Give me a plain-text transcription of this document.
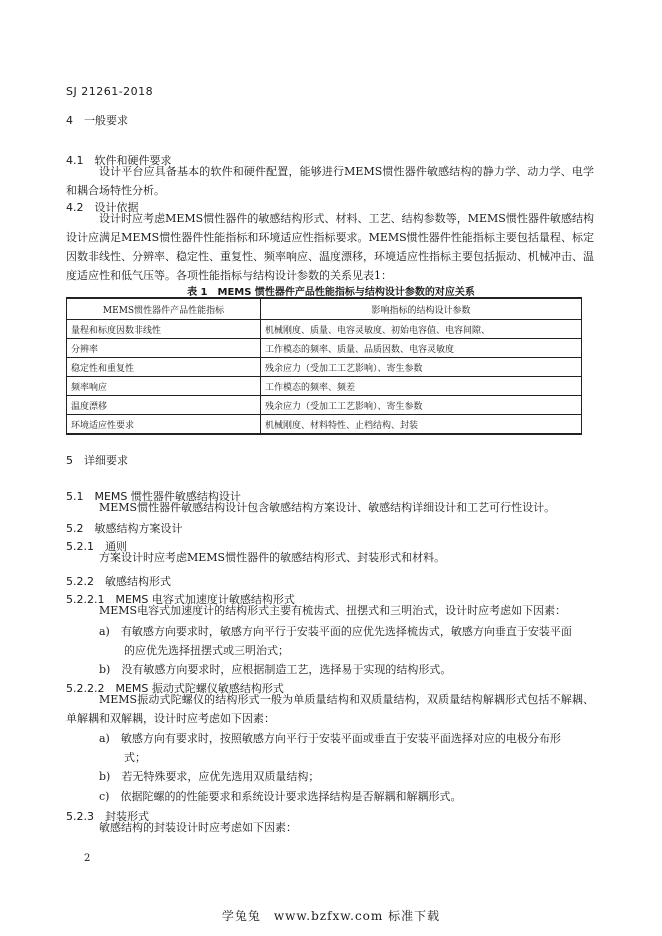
SJ 21261-2018
4　一般要求
4.1　软件和硬件要求
设计平台应具备基本的软件和硬件配置，能够进行MEMS惯性器件敏感结构的静力学、动力学、电学和耦合场特性分析。
4.2　设计依据
设计时应考虑MEMS惯性器件的敏感结构形式、材料、工艺、结构参数等，MEMS惯性器件敏感结构设计应满足MEMS惯性器件性能指标和环境适应性指标要求。MEMS惯性器件性能指标主要包括量程、标定因数非线性、分辨率、稳定性、重复性、频率响应、温度漂移，环境适应性指标主要包括振动、机械冲击、温度适应性和低气压等。各项性能指标与结构设计参数的关系见表1：
表 1　MEMS 惯性器件产品性能指标与结构设计参数的对应关系
MEMS惯性器件产品性能指标	影响指标的结构设计参数
量程和标度因数非线性	机械刚度、质量、电容灵敏度、初始电容值、电容间隙、
分辨率	工作模态的频率、质量、品质因数、电容灵敏度
稳定性和重复性	残余应力（受加工工艺影响）、寄生参数
频率响应	工作模态的频率、频差
温度漂移	残余应力（受加工工艺影响）、寄生参数
环境适应性要求	机械刚度、材料特性、止档结构、封装
5　详细要求
5.1　MEMS 惯性器件敏感结构设计
MEMS惯性器件敏感结构设计包含敏感结构方案设计、敏感结构详细设计和工艺可行性设计。
5.2　敏感结构方案设计
5.2.1　通则
方案设计时应考虑MEMS惯性器件的敏感结构形式、封装形式和材料。
5.2.2　敏感结构形式
5.2.2.1　MEMS 电容式加速度计敏感结构形式
MEMS电容式加速度计的结构形式主要有梳齿式、扭摆式和三明治式，设计时应考虑如下因素：
a)　有敏感方向要求时，敏感方向平行于安装平面的应优先选择梳齿式，敏感方向垂直于安装平面
的应优先选择扭摆式或三明治式；
b)　没有敏感方向要求时，应根据制造工艺，选择易于实现的结构形式。
5.2.2.2　MEMS 振动式陀螺仪敏感结构形式
MEMS振动式陀螺仪的结构形式一般为单质量结构和双质量结构，双质量结构解耦形式包括不解耦、单解耦和双解耦，设计时应考虑如下因素：
a)　敏感方向有要求时，按照敏感方向平行于安装平面或垂直于安装平面选择对应的电极分布形
式；
b)　若无特殊要求，应优先选用双质量结构；
c)　依据陀螺的的性能要求和系统设计要求选择结构是否解耦和解耦形式。
5.2.3　封装形式
敏感结构的封装设计时应考虑如下因素：
2
学兔兔　www.bzfxw.com 标准下载
